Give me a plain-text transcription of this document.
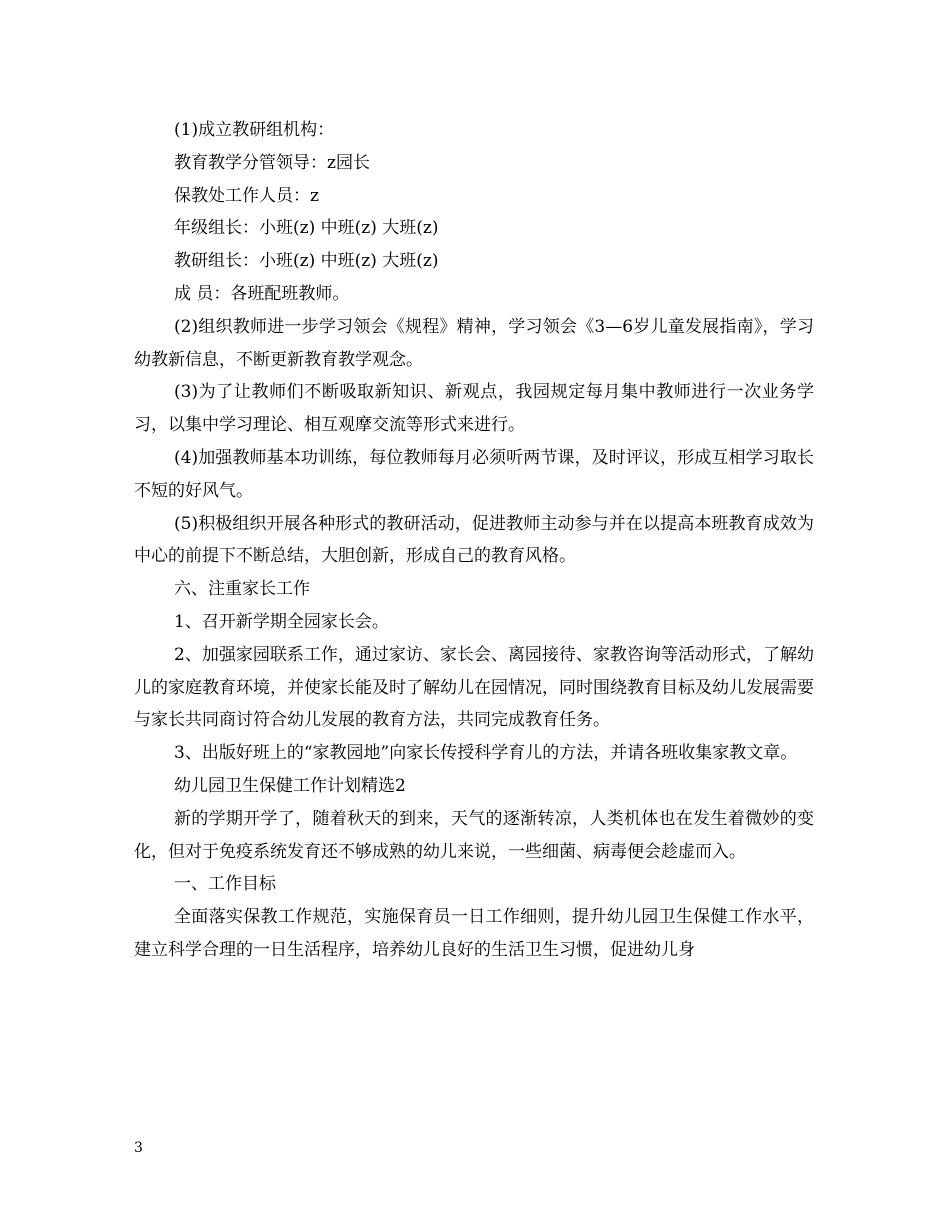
(1)成立教研组机构：

教育教学分管领导：z园长

保教处工作人员：z

年级组长：小班(z) 中班(z) 大班(z)

教研组长：小班(z) 中班(z) 大班(z)

成 员：各班配班教师。

(2)组织教师进一步学习领会《规程》精神，学习领会《3—6岁儿童发展指南》，学习幼教新信息，不断更新教育教学观念。

(3)为了让教师们不断吸取新知识、新观点，我园规定每月集中教师进行一次业务学习，以集中学习理论、相互观摩交流等形式来进行。

(4)加强教师基本功训练，每位教师每月必须听两节课，及时评议，形成互相学习取长不短的好风气。

(5)积极组织开展各种形式的教研活动，促进教师主动参与并在以提高本班教育成效为中心的前提下不断总结，大胆创新，形成自己的教育风格。

六、注重家长工作

1、召开新学期全园家长会。

2、加强家园联系工作，通过家访、家长会、离园接待、家教咨询等活动形式，了解幼儿的家庭教育环境，并使家长能及时了解幼儿在园情况，同时围绕教育目标及幼儿发展需要与家长共同商讨符合幼儿发展的教育方法，共同完成教育任务。

3、出版好班上的“家教园地”向家长传授科学育儿的方法，并请各班收集家教文章。

幼儿园卫生保健工作计划精选2

新的学期开学了，随着秋天的到来，天气的逐渐转凉，人类机体也在发生着微妙的变化，但对于免疫系统发育还不够成熟的幼儿来说，一些细菌、病毒便会趁虚而入。

一、工作目标

全面落实保教工作规范，实施保育员一日工作细则，提升幼儿园卫生保健工作水平，建立科学合理的一日生活程序，培养幼儿良好的生活卫生习惯，促进幼儿身

3
